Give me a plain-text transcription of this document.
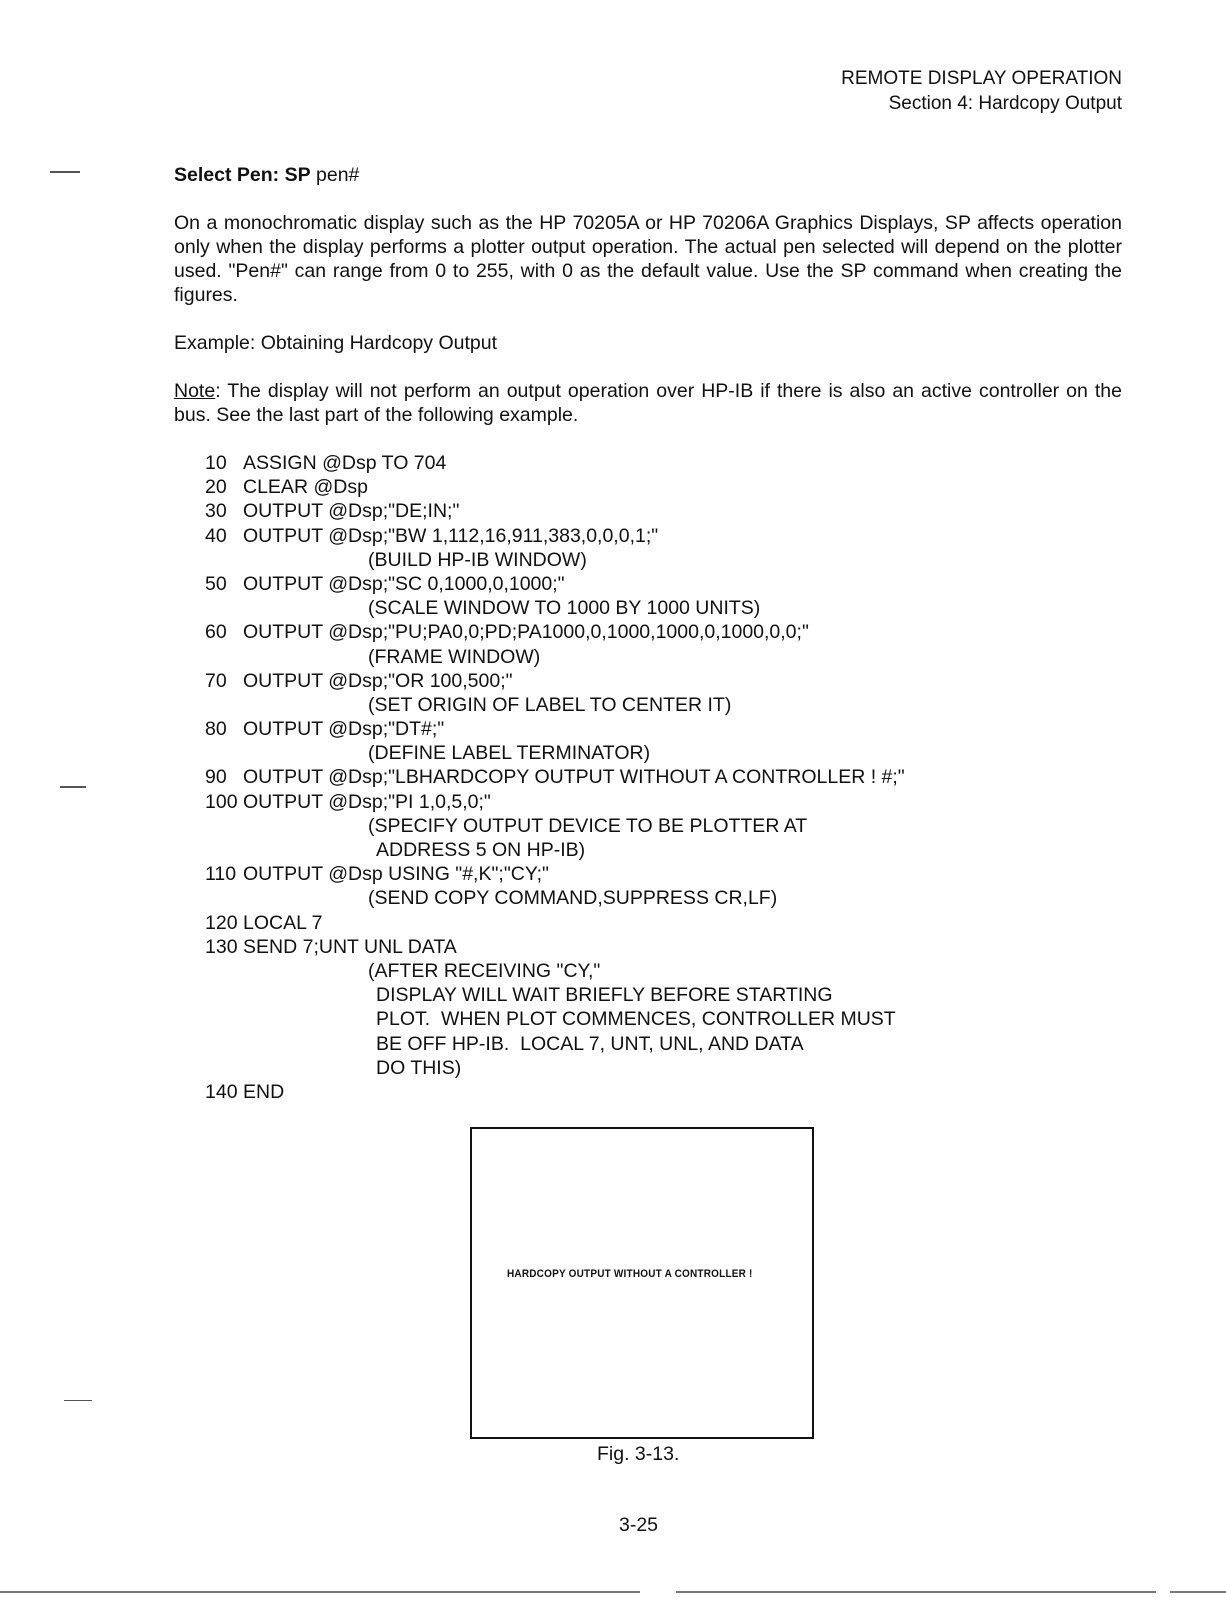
REMOTE DISPLAY OPERATION
Section 4: Hardcopy Output
Select Pen: SP pen#
On a monochromatic display such as the HP 70205A or HP 70206A Graphics Displays, SP affects operation only when the display performs a plotter output operation. The actual pen selected will depend on the plotter used. "Pen#" can range from 0 to 255, with 0 as the default value. Use the SP command when creating the figures.
Example: Obtaining Hardcopy Output
Note: The display will not perform an output operation over HP-IB if there is also an active controller on the bus. See the last part of the following example.
10 ASSIGN @Dsp TO 704
20 CLEAR @Dsp
30 OUTPUT @Dsp;"DE;IN;"
40 OUTPUT @Dsp;"BW 1,112,16,911,383,0,0,0,1;"
(BUILD HP-IB WINDOW)
50 OUTPUT @Dsp;"SC 0,1000,0,1000;"
(SCALE WINDOW TO 1000 BY 1000 UNITS)
60 OUTPUT @Dsp;"PU;PA0,0;PD;PA1000,0,1000,1000,0,1000,0,0;"
(FRAME WINDOW)
70 OUTPUT @Dsp;"OR 100,500;"
(SET ORIGIN OF LABEL TO CENTER IT)
80 OUTPUT @Dsp;"DT#;"
(DEFINE LABEL TERMINATOR)
90 OUTPUT @Dsp;"LBHARDCOPY OUTPUT WITHOUT A CONTROLLER ! #;"
100 OUTPUT @Dsp;"PI 1,0,5,0;"
(SPECIFY OUTPUT DEVICE TO BE PLOTTER AT
ADDRESS 5 ON HP-IB)
110 OUTPUT @Dsp USING "#,K";"CY;"
(SEND COPY COMMAND,SUPPRESS CR,LF)
120 LOCAL 7
130 SEND 7;UNT UNL DATA
(AFTER RECEIVING "CY,"
DISPLAY WILL WAIT BRIEFLY BEFORE STARTING
PLOT.  WHEN PLOT COMMENCES, CONTROLLER MUST
BE OFF HP-IB.  LOCAL 7, UNT, UNL, AND DATA
DO THIS)
140 END
HARDCOPY OUTPUT WITHOUT A CONTROLLER !
Fig. 3-13.
3-25
